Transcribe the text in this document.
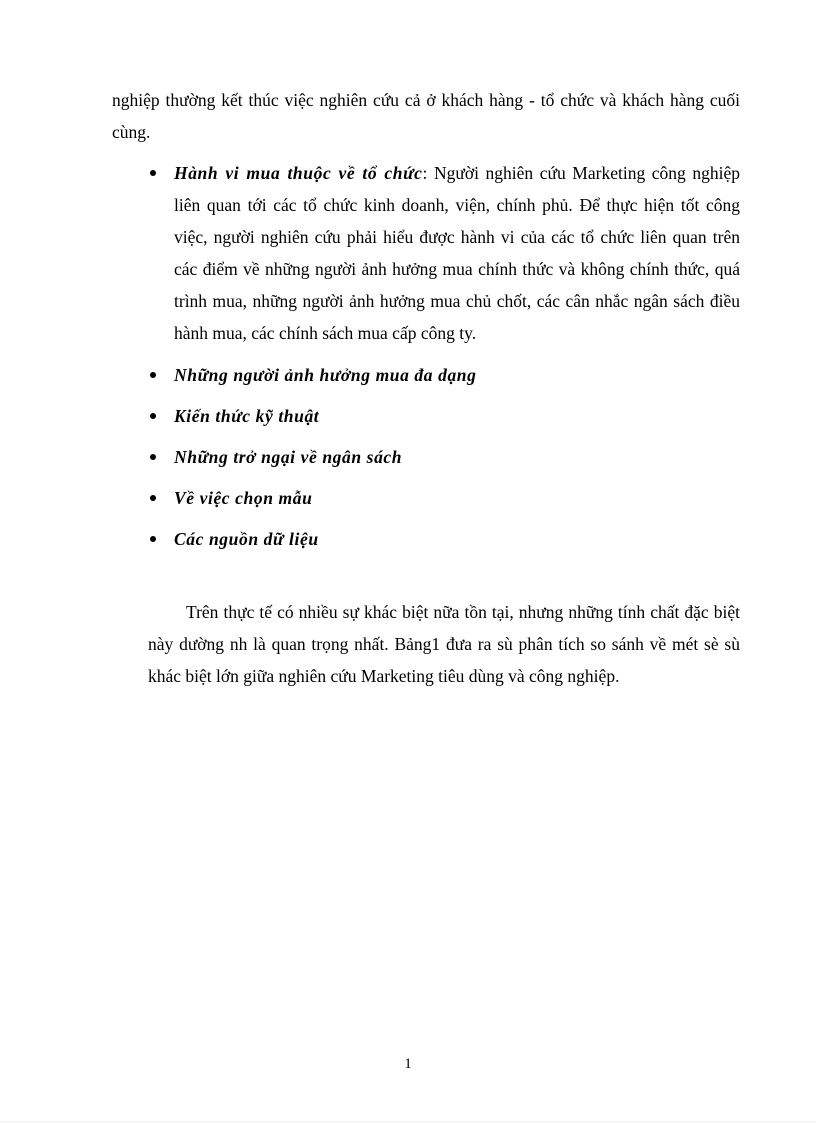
nghiệp thường kết thúc việc nghiên cứu cả ở khách hàng - tổ chức và khách hàng cuối cùng.

Hành vi mua thuộc về tổ chức: Người nghiên cứu Marketing công nghiệp liên quan tới các tổ chức kinh doanh, viện, chính phủ. Để thực hiện tốt công việc, người nghiên cứu phải hiểu được hành vi của các tổ chức liên quan trên các điểm về những người ảnh hưởng mua chính thức và không chính thức, quá trình mua, những người ảnh hưởng mua chủ chốt, các cân nhắc ngân sách điều hành mua, các chính sách mua cấp công ty.
Những người ảnh hưởng mua đa dạng
Kiến thức kỹ thuật
Những trở ngại về ngân sách
Về việc chọn mẫu
Các nguồn dữ liệu

Trên thực tế có nhiều sự khác biệt nữa tồn tại, nhưng những tính chất đặc biệt này dường nh là quan trọng nhất. Bảng1 đưa ra sù phân tích so sánh về mét sè sù khác biệt lớn giữa nghiên cứu Marketing tiêu dùng và công nghiệp.

1
